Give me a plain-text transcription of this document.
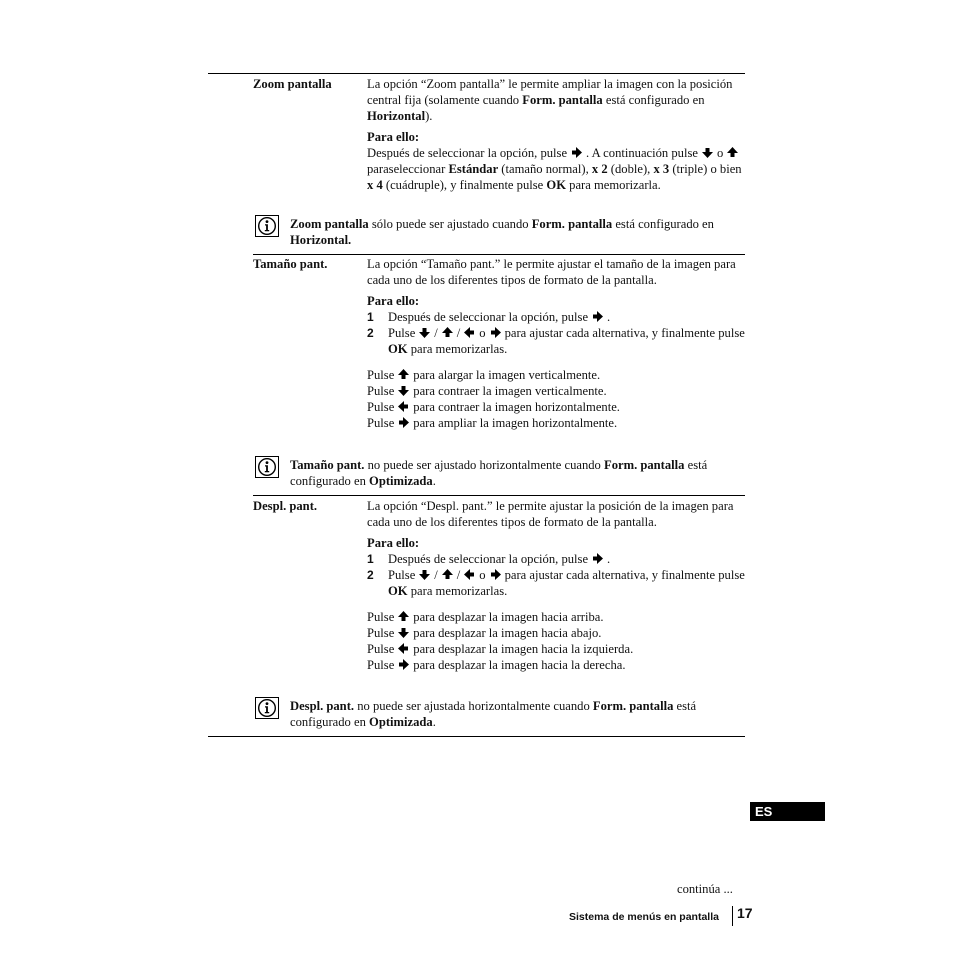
Zoom pantalla	La opción “Zoom pantalla” le permite ampliar la imagen con la posición central fija (solamente cuando Form. pantalla está configurado en Horizontal).

Para ello:

Después de seleccionar la opción, pulse . A continuación pulse oparaseleccionar Estándar (tamaño normal), x 2 (doble), x 3 (triple) o bien x 4 (cuádruple), y finalmente pulse OK para memorizarla.

Zoom pantalla sólo puede ser ajustado cuando Form. pantalla está configurado en Horizontal.
Tamaño pant.	La opción “Tamaño pant.” le permite ajustar el tamaño de la imagen para cada uno de los diferentes tipos de formato de la pantalla.

Para ello:

1	Después de seleccionar la opción, pulse .
2	Pulse / / o para ajustar cada alternativa, y finalmente pulse OK para memorizarlas.

Pulse para alargar la imagen verticalmente.

Pulse para contraer la imagen verticalmente.

Pulse para contraer la imagen horizontalmente.

Pulse para ampliar la imagen horizontalmente.

Tamaño pant. no puede ser ajustado horizontalmente cuando Form. pantalla está configurado en Optimizada.
Despl. pant.	La opción “Despl. pant.” le permite ajustar la posición de la imagen para cada uno de los diferentes tipos de formato de la pantalla.

Para ello:

1	Después de seleccionar la opción, pulse .
2	Pulse / / o para ajustar cada alternativa, y finalmente pulse OK para memorizarlas.

Pulse para desplazar la imagen hacia arriba.

Pulse para desplazar la imagen hacia abajo.

Pulse para desplazar la imagen hacia la izquierda.

Pulse para desplazar la imagen hacia la derecha.

Despl. pant. no puede ser ajustada horizontalmente cuando Form. pantalla está configurado en Optimizada.
ES
continúa ...
Sistema de menús en pantalla	17
